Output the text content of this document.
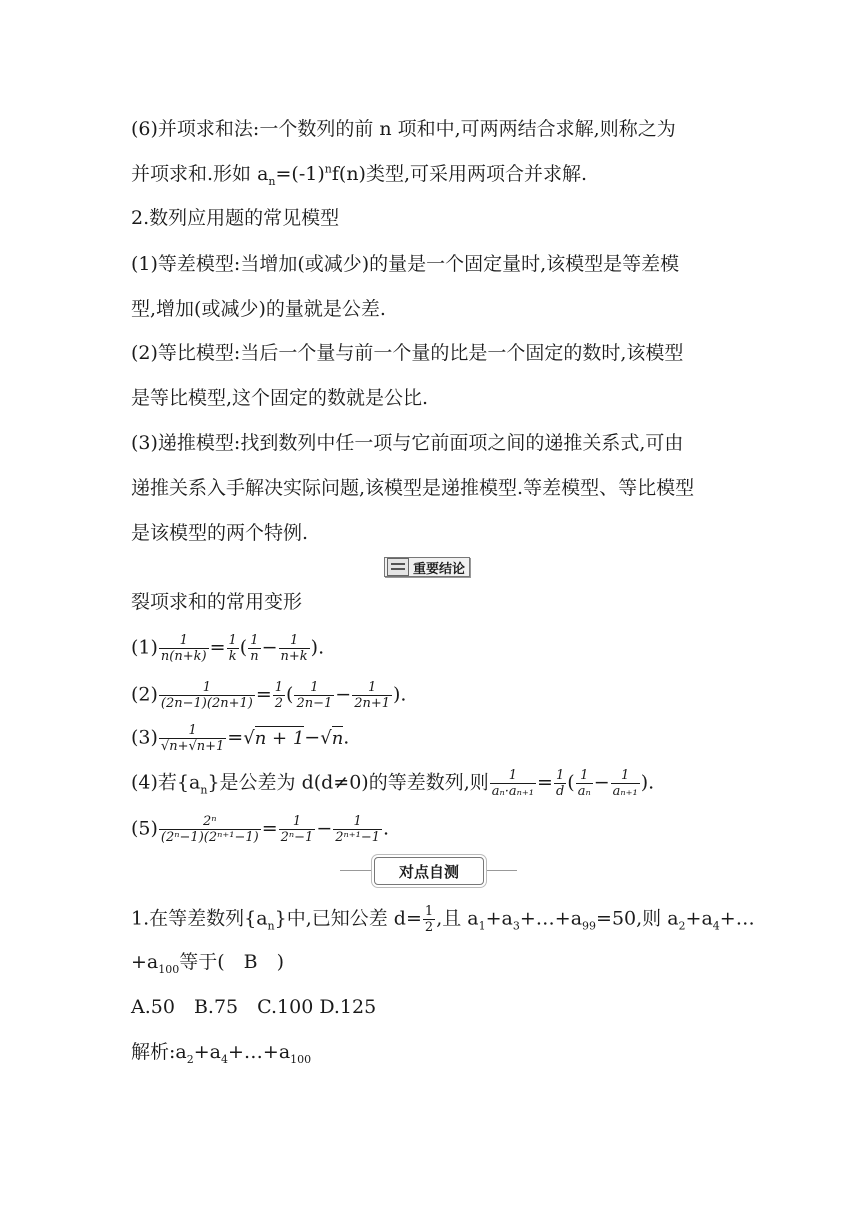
(6)并项求和法:一个数列的前 n 项和中,可两两结合求解,则称之为
并项求和.形如 $a_n=(-1)^nf(n)$类型,可采用两项合并求解.
2.数列应用题的常见模型
(1)等差模型:当增加(或减少)的量是一个固定量时,该模型是等差模
型,增加(或减少)的量就是公差.
(2)等比模型:当后一个量与前一个量的比是一个固定的数时,该模型
是等比模型,这个固定的数就是公比.
(3)递推模型:找到数列中任一项与它前面项之间的递推关系式,可由
递推关系入手解决实际问题,该模型是递推模型.等差模型、等比模型
是该模型的两个特例.
重要结论
裂项求和的常用变形
$(1) \frac{1}{n(n+k)} = \frac{1}{k}$ ( $\frac{1}{n} - \frac{1}{n+k}$ ).
$(2) \frac{1}{(2n-1)(2n+1)} = \frac{1}{2}$ ( $\frac{1}{2n-1} - \frac{1}{2n+1}$ ).
$(3) \frac{1}{√n+√n+1} =√n + 1-√n$.
(4)若$\{a_n\}$是公差为 d(d≠0)的等差数列,则 $\frac{1}{\text{aₙ·aₙ₊₁}} = \frac{1}{d}$ ( $\frac{1}{\text{aₙ}} - \frac{1}{\text{aₙ₊₁}}$ ).
$(5) \frac{\text{2ⁿ}}{\text{(2ⁿ−1)(2ⁿ⁺¹−1)}} = \frac{1}{\text{2ⁿ−1}} - \frac{1}{\text{2ⁿ⁺¹−1}}$ .
对点自测
1.在等差数列$\{a_n\}$中,已知公差 $d= \frac{1}{2}$ ,且 $a_1+a_3+\dots+a_{99}=50$,则 $a_2+a_4+\dots$
$+a_{100}$等于(　B　)
A.50　B.75　C.100 D.125
解析$:a_2+a_4+\dots+a_{100}$
